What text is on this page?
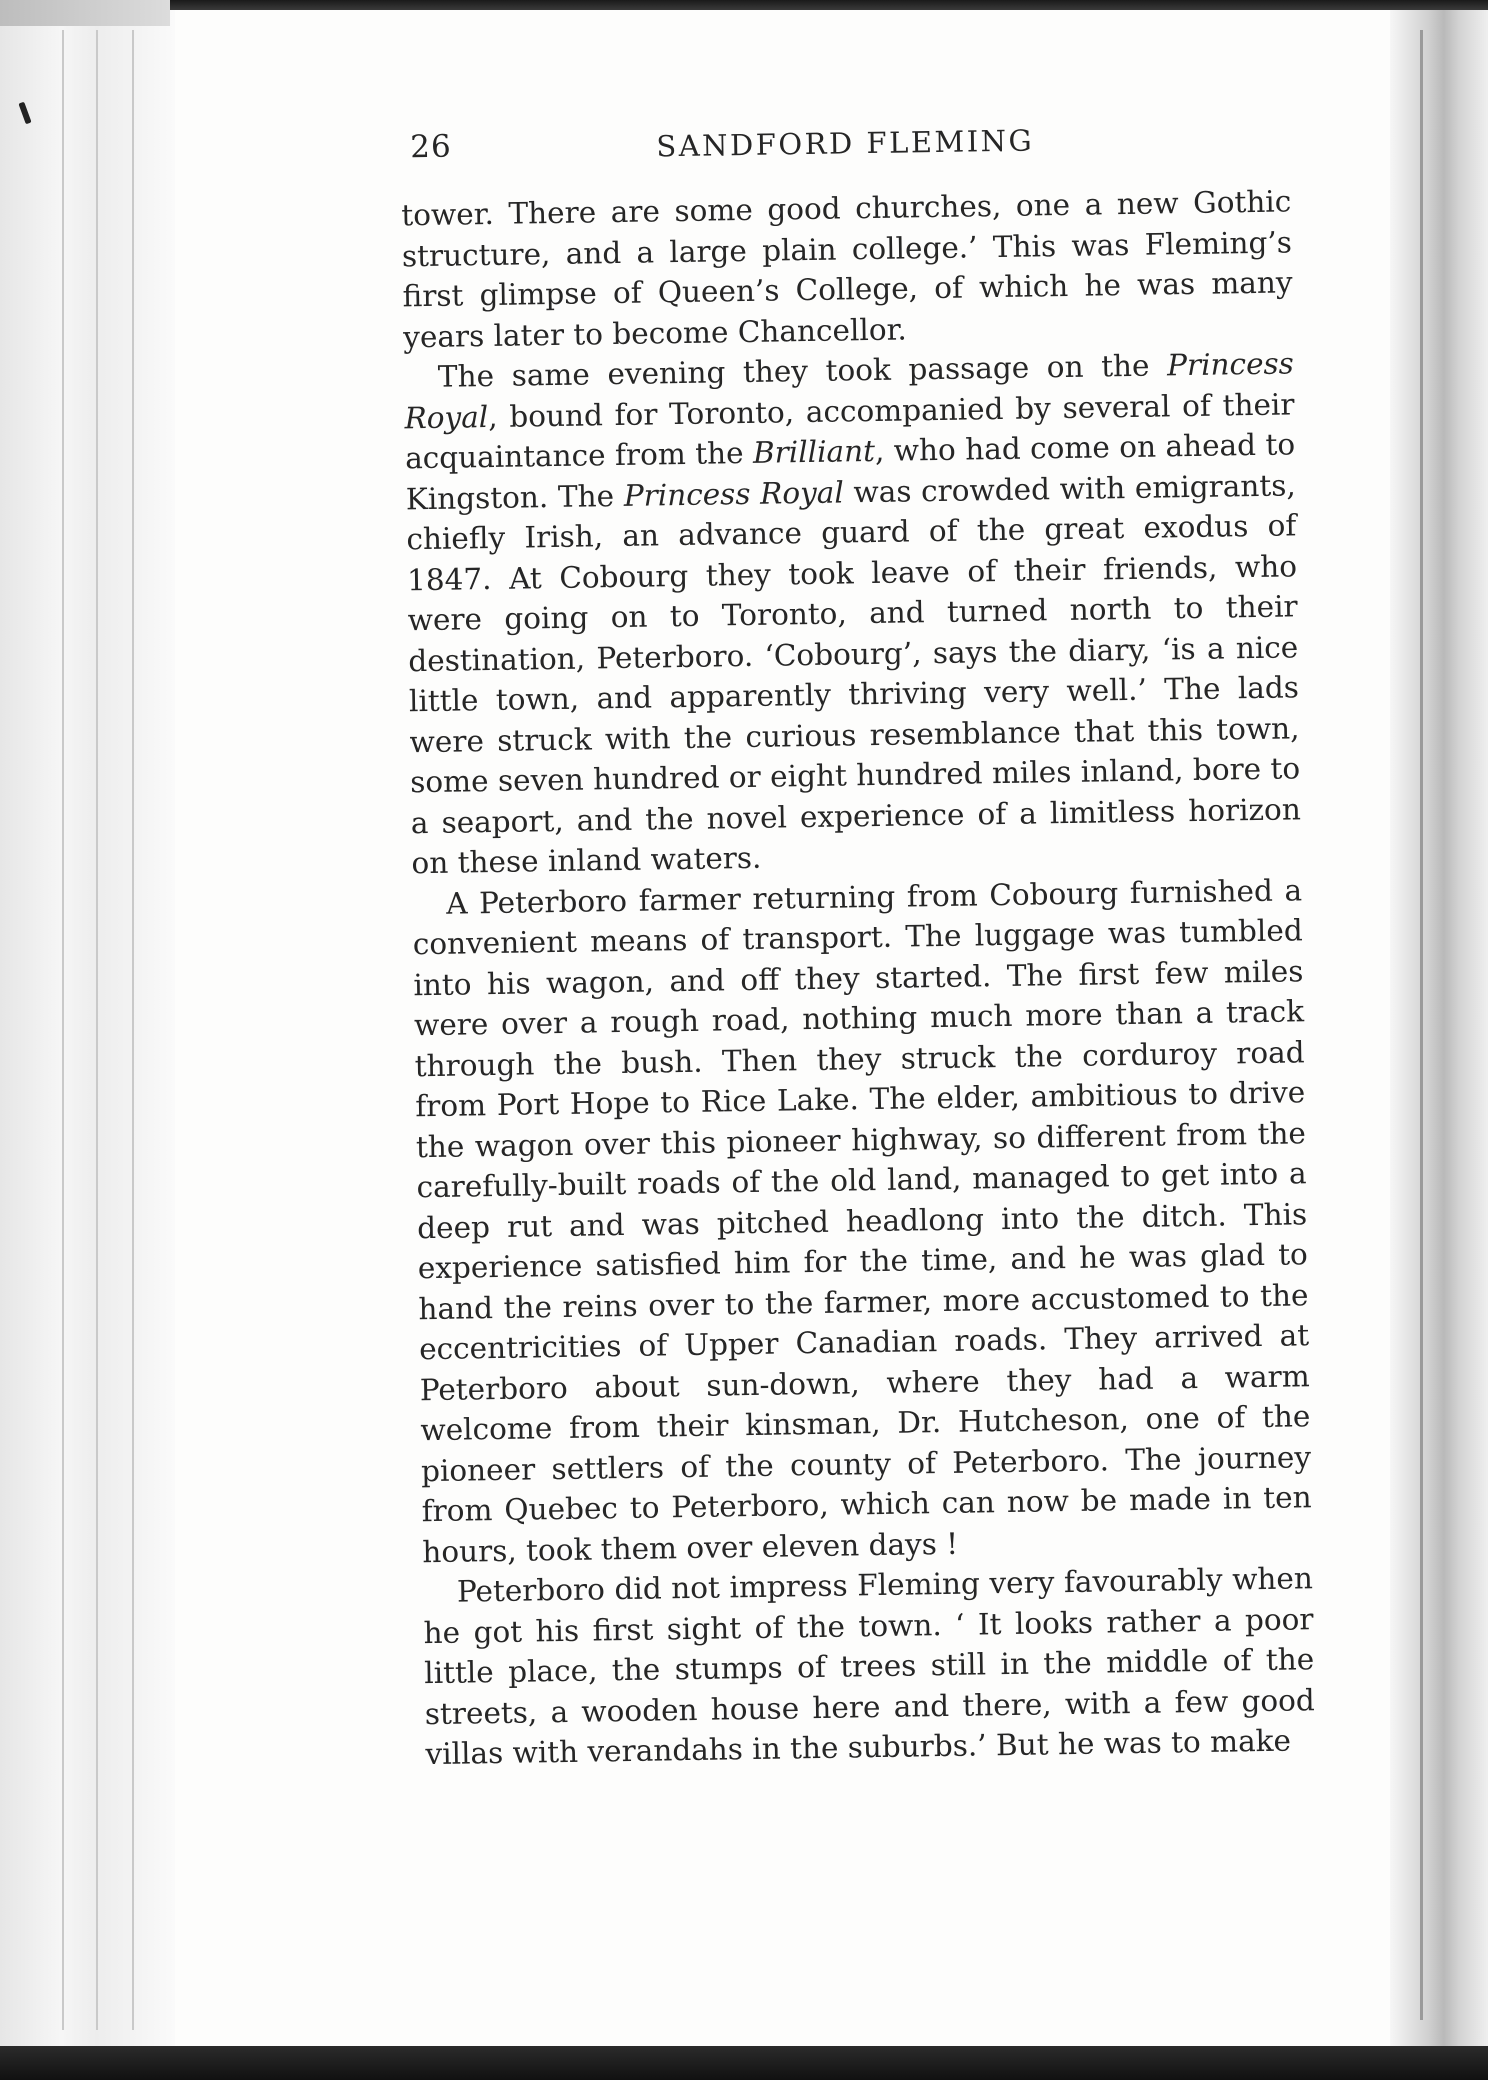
26	SANDFORD FLEMING

tower. There are some good churches, one a new Gothic structure, and a large plain college.’ This was Fleming’s first glimpse of Queen’s College, of which he was many years later to become Chancellor.

The same evening they took passage on the Princess Royal, bound for Toronto, accompanied by several of their acquaintance from the Brilliant, who had come on ahead to Kingston. The Princess Royal was crowded with emigrants, chiefly Irish, an advance guard of the great exodus of 1847. At Cobourg they took leave of their friends, who were going on to Toronto, and turned north to their destination, Peterboro. ‘Cobourg’, says the diary, ‘is a nice little town, and apparently thriving very well.’ The lads were struck with the curious resemblance that this town, some seven hundred or eight hundred miles inland, bore to a seaport, and the novel experience of a limitless horizon on these inland waters.

A Peterboro farmer returning from Cobourg furnished a convenient means of transport. The luggage was tumbled into his wagon, and off they started. The first few miles were over a rough road, nothing much more than a track through the bush. Then they struck the corduroy road from Port Hope to Rice Lake. The elder, ambitious to drive the wagon over this pioneer highway, so different from the carefully-built roads of the old land, managed to get into a deep rut and was pitched headlong into the ditch. This experience satisfied him for the time, and he was glad to hand the reins over to the farmer, more accustomed to the eccentricities of Upper Canadian roads. They arrived at Peterboro about sun-down, where they had a warm welcome from their kinsman, Dr. Hutcheson, one of the pioneer settlers of the county of Peterboro. The journey from Quebec to Peterboro, which can now be made in ten hours, took them over eleven days !

Peterboro did not impress Fleming very favourably when he got his first sight of the town. ‘ It looks rather a poor little place, the stumps of trees still in the middle of the streets, a wooden house here and there, with a few good villas with verandahs in the suburbs.’ But he was to make
